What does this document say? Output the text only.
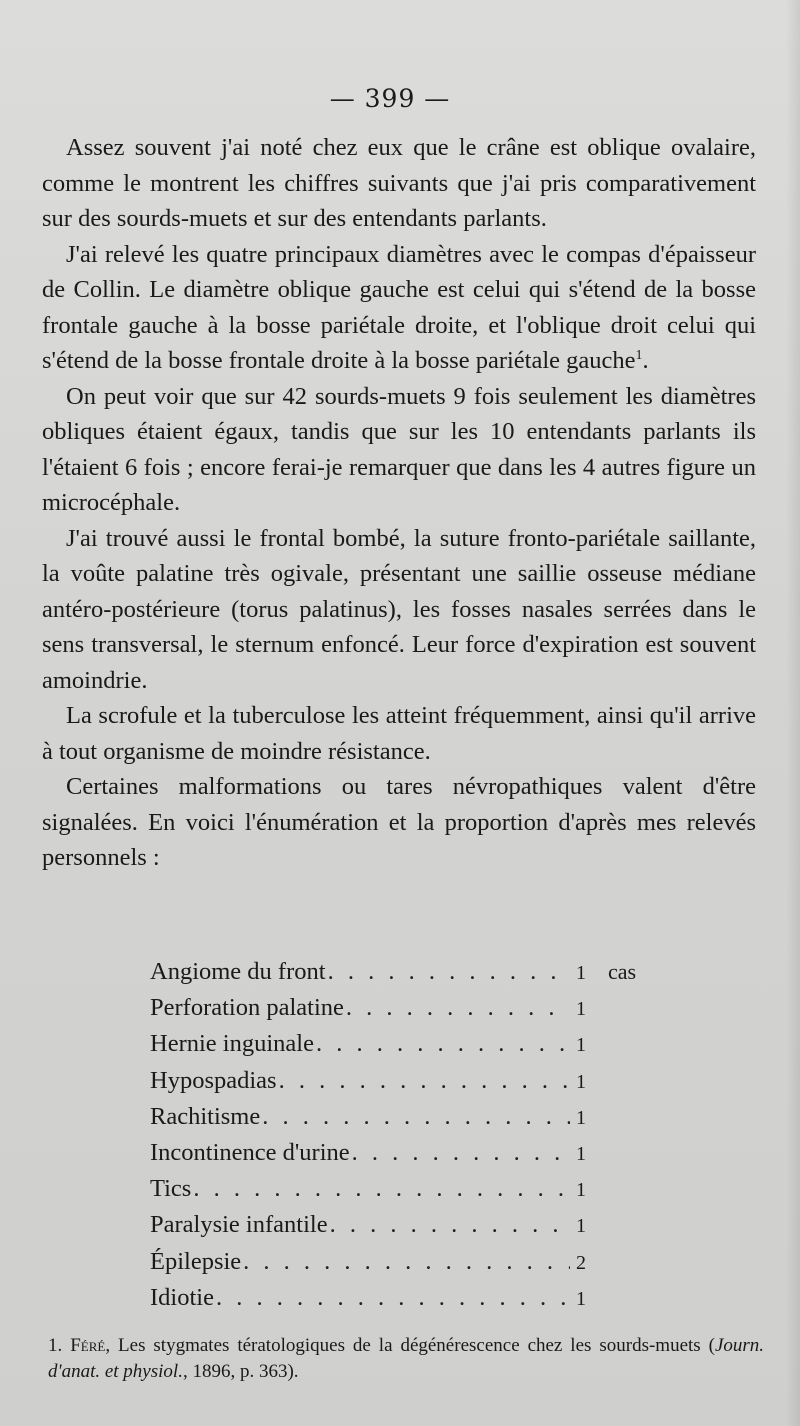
— 399 —

Assez souvent j'ai noté chez eux que le crâne est oblique ovalaire, comme le montrent les chiffres suivants que j'ai pris comparativement sur des sourds-muets et sur des entendants parlants.

J'ai relevé les quatre principaux diamètres avec le compas d'épaisseur de Collin. Le diamètre oblique gauche est celui qui s'étend de la bosse frontale gauche à la bosse pariétale droite, et l'oblique droit celui qui s'étend de la bosse frontale droite à la bosse pariétale gauche$^1$.

On peut voir que sur 42 sourds-muets 9 fois seulement les diamètres obliques étaient égaux, tandis que sur les 10 entendants parlants ils l'étaient 6 fois ; encore ferai-je remarquer que dans les 4 autres figure un microcéphale.

J'ai trouvé aussi le frontal bombé, la suture fronto-pariétale saillante, la voûte palatine très ogivale, présentant une saillie osseuse médiane antéro-postérieure (torus palatinus), les fosses nasales serrées dans le sens transversal, le sternum enfoncé. Leur force d'expiration est souvent amoindrie.

La scrofule et la tuberculose les atteint fréquemment, ainsi qu'il arrive à tout organisme de moindre résistance.

Certaines malformations ou tares névropathiques valent d'être signalées. En voici l'énumération et la proportion d'après mes relevés personnels :

Angiome du front . . .	1	cas
Perforation palatine . . .	1
Hernie inguinale . . .	1
Hypospadias . . .	1
Rachitisme . . .	1
Incontinence d'urine . . .	1
Tics . . .	1
Paralysie infantile . . .	1
Épilepsie . . .	2
Idiotie . . .	1
1. Féré, Les stygmates tératologiques de la dégénérescence chez les sourds-muets (Journ. d'anat. et physiol., 1896, p. 363).
